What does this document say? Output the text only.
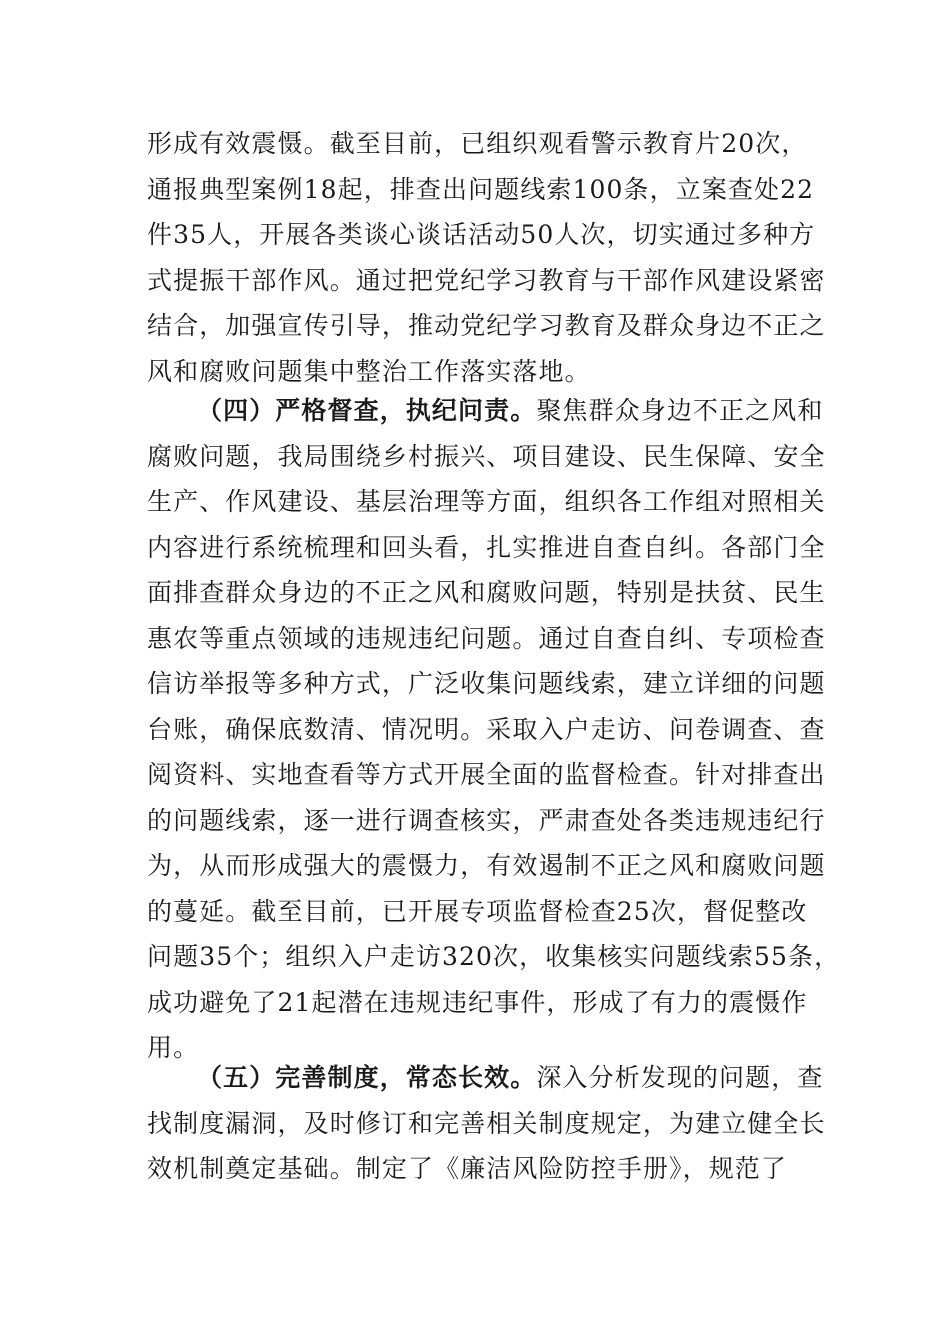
形成有效震慑。截至目前，已组织观看警示教育片20次，
通报典型案例18起，排查出问题线索100条，立案查处22
件35人，开展各类谈心谈话活动50人次，切实通过多种方
式提振干部作风。通过把党纪学习教育与干部作风建设紧密
结合，加强宣传引导，推动党纪学习教育及群众身边不正之
风和腐败问题集中整治工作落实落地。
（四）严格督查，执纪问责。聚焦群众身边不正之风和
腐败问题，我局围绕乡村振兴、项目建设、民生保障、安全
生产、作风建设、基层治理等方面，组织各工作组对照相关
内容进行系统梳理和回头看，扎实推进自查自纠。各部门全
面排查群众身边的不正之风和腐败问题，特别是扶贫、民生
惠农等重点领域的违规违纪问题。通过自查自纠、专项检查
信访举报等多种方式，广泛收集问题线索，建立详细的问题
台账，确保底数清、情况明。采取入户走访、问卷调查、查
阅资料、实地查看等方式开展全面的监督检查。针对排查出
的问题线索，逐一进行调查核实，严肃查处各类违规违纪行
为，从而形成强大的震慑力，有效遏制不正之风和腐败问题
的蔓延。截至目前，已开展专项监督检查25次，督促整改
问题35个；组织入户走访320次，收集核实问题线索55条，
成功避免了21起潜在违规违纪事件，形成了有力的震慑作
用。
（五）完善制度，常态长效。深入分析发现的问题，查
找制度漏洞，及时修订和完善相关制度规定，为建立健全长
效机制奠定基础。制定了《廉洁风险防控手册》，规范了
